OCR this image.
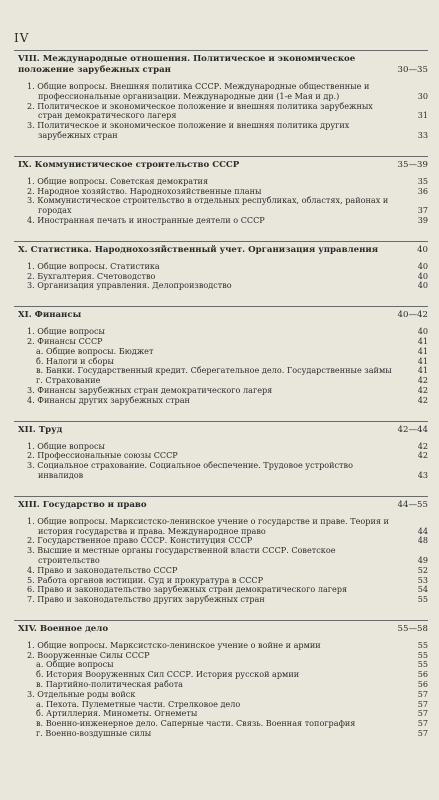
IV
VIII. Международные отношения. Политическое и экономическое положение зарубежных стран	30—35
1. Общие вопросы. Внешняя политика СССР. Международные общественные и профессиональные организации. Международные дни (1-е Мая и др.)	30
2. Политическое и экономическое положение и внешняя политика зарубежных стран демократического лагеря	31
3. Политическое и экономическое положение и внешняя политика других зарубежных стран	33
IX. Коммунистическое строительство СССР	35—39
1. Общие вопросы. Советская демократия	35
2. Народное хозяйство. Народнохозяйственные планы	36
3. Коммунистическое строительство в отдельных республиках, областях, районах и городах	37
4. Иностранная печать и иностранные деятели о СССР	39
X. Статистика. Народнохозяйственный учет. Организация управления	40
1. Общие вопросы. Статистика	40
2. Бухгалтерия. Счетоводство	40
3. Организация управления. Делопроизводство	40
XI. Финансы	40—42
1. Общие вопросы	40
2. Финансы СССР	41
а. Общие вопросы. Бюджет	41
б. Налоги и сборы	41
в. Банки. Государственный кредит. Сберегательное дело. Государственные займы	41
г. Страхование	42
3. Финансы зарубежных стран демократического лагеря	42
4. Финансы других зарубежных стран	42
XII. Труд	42—44
1. Общие вопросы	42
2. Профессиональные союзы СССР	42
3. Социальное страхование. Социальное обеспечение. Трудовое устройство инвалидов	43
XIII. Государство и право	44—55
1. Общие вопросы. Марксистско-ленинское учение о государстве и праве. Теория и история государства и права. Международное право	44
2. Государственное право СССР. Конституция СССР	48
3. Высшие и местные органы государственной власти СССР. Советское строительство	49
4. Право и законодательство СССР	52
5. Работа органов юстиции. Суд и прокуратура в СССР	53
6. Право и законодательство зарубежных стран демократического лагеря	54
7. Право и законодательство других зарубежных стран	55
XIV. Военное дело	55—58
1. Общие вопросы. Марксистско-ленинское учение о войне и армии	55
2. Вооруженные Силы СССР	55
а. Общие вопросы	55
б. История Вооруженных Сил СССР. История русской армии	56
в. Партийно-политическая работа	56
3. Отдельные роды войск	57
а. Пехота. Пулеметные части. Стрелковое дело	57
б. Артиллерия. Минометы. Огнеметы	57
в. Военно-инженерное дело. Саперные части. Связь. Военная топография	57
г. Военно-воздушные силы	57
